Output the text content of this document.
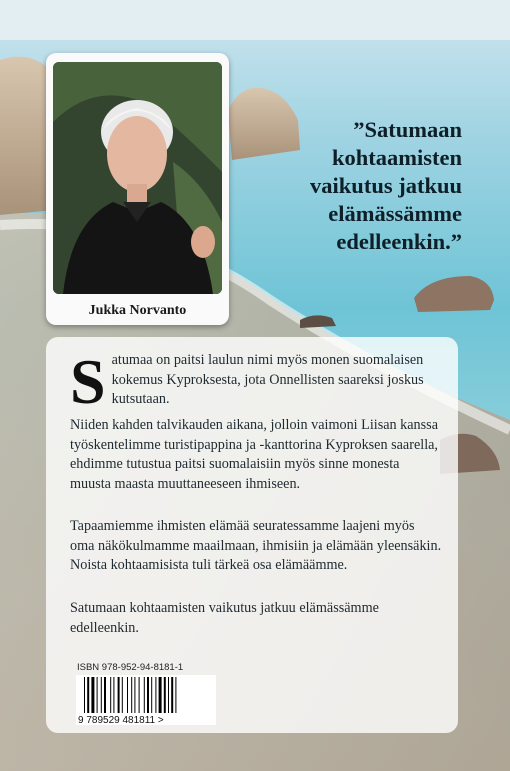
Jukka Norvanto
”Satumaan
kohtaamisten
vaikutus jatkuu
elämässämme
edelleenkin.”

Satumaa on paitsi laulun nimi myös monen suomalaisen kokemus Kyproksesta, jota Onnellisten saareksi joskus kutsutaan.

Niiden kahden talvikauden aikana, jolloin vaimoni Liisan kanssa työskentelimme turistipappina ja -kanttorina Kyproksen saarella, ehdimme tutustua paitsi suomalaisiin myös sinne monesta muusta maasta muuttaneeseen ihmiseen.

Tapaamiemme ihmisten elämää seuratessamme laajeni myös oma näkökulmamme maailmaan, ihmisiin ja elämään yleensäkin. Noista kohtaamisista tuli tärkeä osa elämäämme.

Satumaan kohtaamisten vaikutus jatkuu elämässämme edelleenkin.

ISBN 978-952-94-8181-1
9 789529 481811 >
